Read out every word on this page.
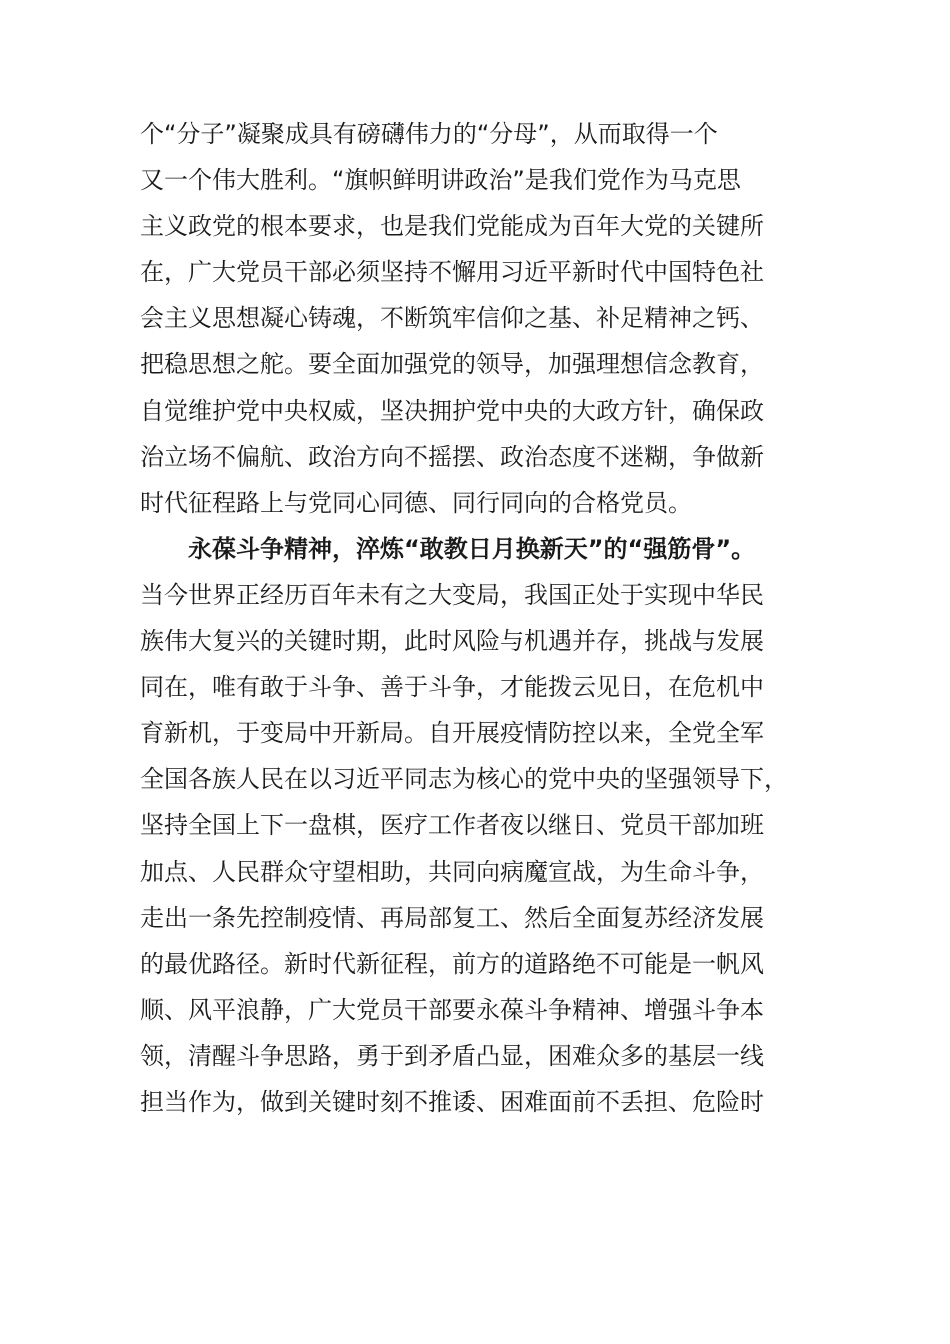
个“分子”凝聚成具有磅礴伟力的“分母”，从而取得一个
又一个伟大胜利。“旗帜鲜明讲政治”是我们党作为马克思
主义政党的根本要求，也是我们党能成为百年大党的关键所
在，广大党员干部必须坚持不懈用习近平新时代中国特色社
会主义思想凝心铸魂，不断筑牢信仰之基、补足精神之钙、
把稳思想之舵。要全面加强党的领导，加强理想信念教育，
自觉维护党中央权威，坚决拥护党中央的大政方针，确保政
治立场不偏航、政治方向不摇摆、政治态度不迷糊，争做新
时代征程路上与党同心同德、同行同向的合格党员。
永葆斗争精神，淬炼“敢教日月换新天”的“强筋骨”。
当今世界正经历百年未有之大变局，我国正处于实现中华民
族伟大复兴的关键时期，此时风险与机遇并存，挑战与发展
同在，唯有敢于斗争、善于斗争，才能拨云见日，在危机中
育新机，于变局中开新局。自开展疫情防控以来，全党全军
全国各族人民在以习近平同志为核心的党中央的坚强领导下，
坚持全国上下一盘棋，医疗工作者夜以继日、党员干部加班
加点、人民群众守望相助，共同向病魔宣战，为生命斗争，
走出一条先控制疫情、再局部复工、然后全面复苏经济发展
的最优路径。新时代新征程，前方的道路绝不可能是一帆风
顺、风平浪静，广大党员干部要永葆斗争精神、增强斗争本
领，清醒斗争思路，勇于到矛盾凸显，困难众多的基层一线
担当作为，做到关键时刻不推诿、困难面前不丢担、危险时
